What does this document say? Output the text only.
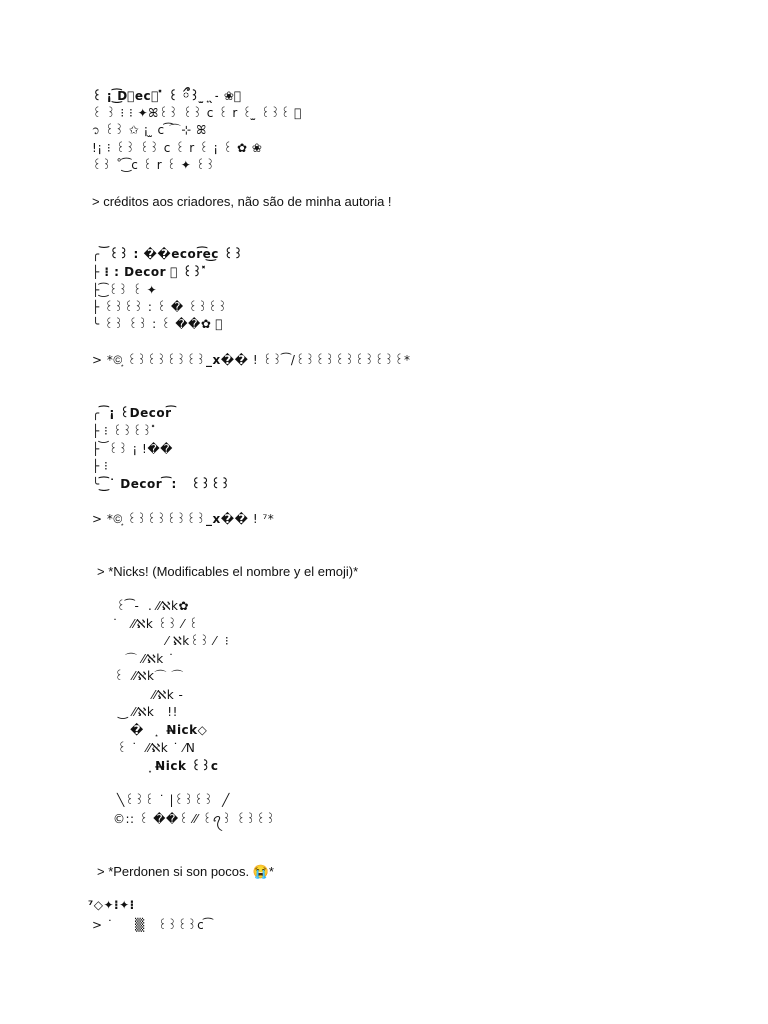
꒰ ¡ ͜͡D⃪ec𝘳 ̽ ꒰ ྀ꒱ ̫ ͙ˎ˗ ❀͙
꒰ ꒱ ⁝ ⁝ ✦ꕤ꒰꒱ ꒰꒱ c ꒰ r ꒰ ̫ ꒰꒱꒰ ⃕
᭡ ꒰꒱ ✩ ¡ ̫ c ͡⌒⊹ ꕤ
!¡ ⁝ ꒰꒱ ꒰꒱ c ꒰ r ꒰ ¡ ꒰ ✿ ❀
꒰꒱ ˚ ͜͡ c ꒰ r ꒰ ✦ ꒰꒱
> créditos aos criadores, não são de minha autoria !
╭ ͝ ꒰꒱ : ��ecor͡e͜c ꒰꒱
├ ⁝ : Decor ⃞ ꒰꒱ ̽
├ ͜͡ ꒰꒱ ꒰ ✦
├ ꒰꒱꒰꒱ : ꒰ � ꒰꒱꒰꒱
╰ ꒰꒱ ꒰꒱ : ꒰ ��✿ ⃝
> *©͙ ꒰꒱꒰꒱꒰꒱꒰꒱_x�� ! ꒰꒱ ͡ /꒰꒱꒰꒱꒰꒱꒰꒱꒰꒱꒰*
╭ ͡ ¡ ꒰Decor͡
├ ⁝ ꒰꒱꒰꒱ ̽
├ ͝ ꒰꒱ ¡ !��
├ ⁝
╰ ͜͡ ˙ Decor ͡ :   ꒰꒱꒰꒱
> *©͙ ꒰꒱꒰꒱꒰꒱꒰꒱_x�� ! ⁷*
> *Nicks! (Modificables el nombre y el emoji)*
꒰ ͡ -  . ⁄⁄ℵk✿
˙   ⁄⁄ℵk ꒰꒱ ⁄ ꒰
⁄ ℵk꒰꒱ ⁄  ⁝
⌒ ⁄⁄ℵk ˙
꒰  ⁄⁄ℵk⌒ ⌒
⁄⁄ℵk ‐
‿ ⁄⁄ℵk   !!
�   ͙  N̶ick◇
꒰ ˙  ⁄⁄ℵk ˙ ⁄N
͙ N̶ick ꒰꒱c
╲꒰꒱꒰ ˙ |꒰꒱꒰꒱  ╱
©:: ꒰ ��꒰ ⁄⁄ ꒰ꪖ꒱ ꒰꒱꒰꒱
> *Perdonen si son pocos. 😭*
⁷◇✦⁝✦⁝
> ˙     ▒   ꒰꒱꒰꒱c ͡
